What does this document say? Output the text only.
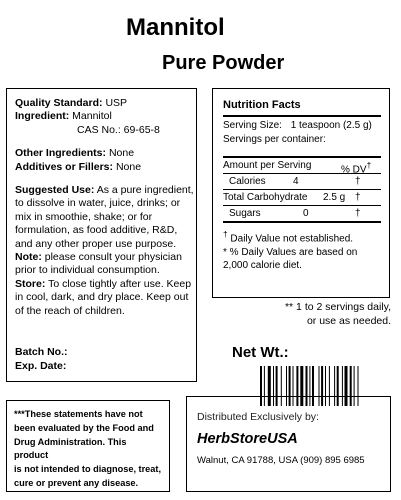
Mannitol
Pure Powder
Quality Standard: USP
Ingredient: Mannitol
CAS No.: 69-65-8
Other Ingredients: None
Additives or Fillers: None
Suggested Use: As a pure ingredient,
to dissolve in water, juice, drinks; or
mix in smoothie, shake; or for
formulation, as food additive, R&D,
and any other proper use purpose.
Note: please consult your physician
prior to individual consumption.
Store: To close tightly after use. Keep
in cool, dark, and dry place. Keep out
of the reach of children.
Batch No.:
Exp. Date:
Nutrition Facts
Serving Size: 1 teaspoon (2.5 g)
Servings per container:
Amount per Serving	% DV†
Calories	4	†
Total Carbohydrate 2.5 g †
Sugars	0	†
† Daily Value not established.
* % Daily Values are based on
2,000 calorie diet.
** 1 to 2 servings daily,
or use as needed.
Net Wt.:
***These statements have not
been evaluated by the Food and
Drug Administration. This product
is not intended to diagnose, treat,
cure or prevent any disease.
Distributed Exclusively by:
HerbStoreUSA
Walnut, CA 91788, USA (909) 895 6985
